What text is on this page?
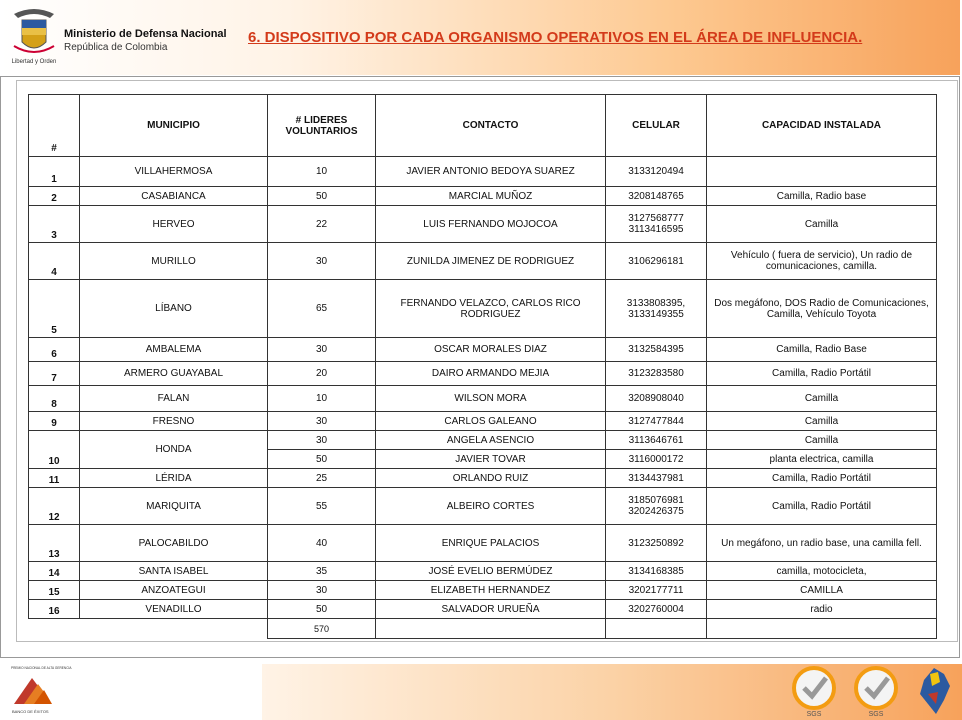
Libertad y Orden
Ministerio de Defensa Nacional
República de Colombia
6. DISPOSITIVO POR CADA ORGANISMO OPERATIVOS EN EL ÁREA DE INFLUENCIA.
#	MUNICIPIO	# LIDERES VOLUNTARIOS	CONTACTO	CELULAR	CAPACIDAD INSTALADA
1	VILLAHERMOSA	10	JAVIER ANTONIO BEDOYA SUAREZ	3133120494	
2	CASABIANCA	50	MARCIAL MUÑOZ	3208148765	Camilla, Radio base
3	HERVEO	22	LUIS FERNANDO MOJOCOA	3127568777 3113416595	Camilla
4	MURILLO	30	ZUNILDA JIMENEZ DE RODRIGUEZ	3106296181	Vehículo ( fuera de servicio), Un radio de comunicaciones, camilla.
5	LÍBANO	65	FERNANDO VELAZCO, CARLOS RICO RODRIGUEZ	3133808395, 3133149355	Dos megáfono, DOS Radio de Comunicaciones, Camilla, Vehículo Toyota
6	AMBALEMA	30	OSCAR MORALES DIAZ	3132584395	Camilla, Radio Base
7	ARMERO GUAYABAL	20	DAIRO ARMANDO MEJIA	3123283580	Camilla, Radio Portátil
8	FALAN	10	WILSON MORA	3208908040	Camilla
9	FRESNO	30	CARLOS GALEANO	3127477844	Camilla
10	HONDA	30	ANGELA ASENCIO	3113646761	Camilla
		50	JAVIER TOVAR	3116000172	planta electrica, camilla
11	LÉRIDA	25	ORLANDO RUIZ	3134437981	Camilla, Radio Portátil
12	MARIQUITA	55	ALBEIRO CORTES	3185076981 3202426375	Camilla, Radio Portátil
13	PALOCABILDO	40	ENRIQUE PALACIOS	3123250892	Un megáfono, un radio base, una camilla fell.
14	SANTA ISABEL	35	JOSÉ EVELIO BERMÚDEZ	3134168385	camilla, motocicleta,
15	ANZOATEGUI	30	ELIZABETH HERNANDEZ	3202177711	CAMILLA
16	VENADILLO	50	SALVADOR URUEÑA	3202760004	radio
		570			
PREMIO NACIONAL DE ALTA GERENCIA
BANCO DE ÉXITOS	SGS	SGS
